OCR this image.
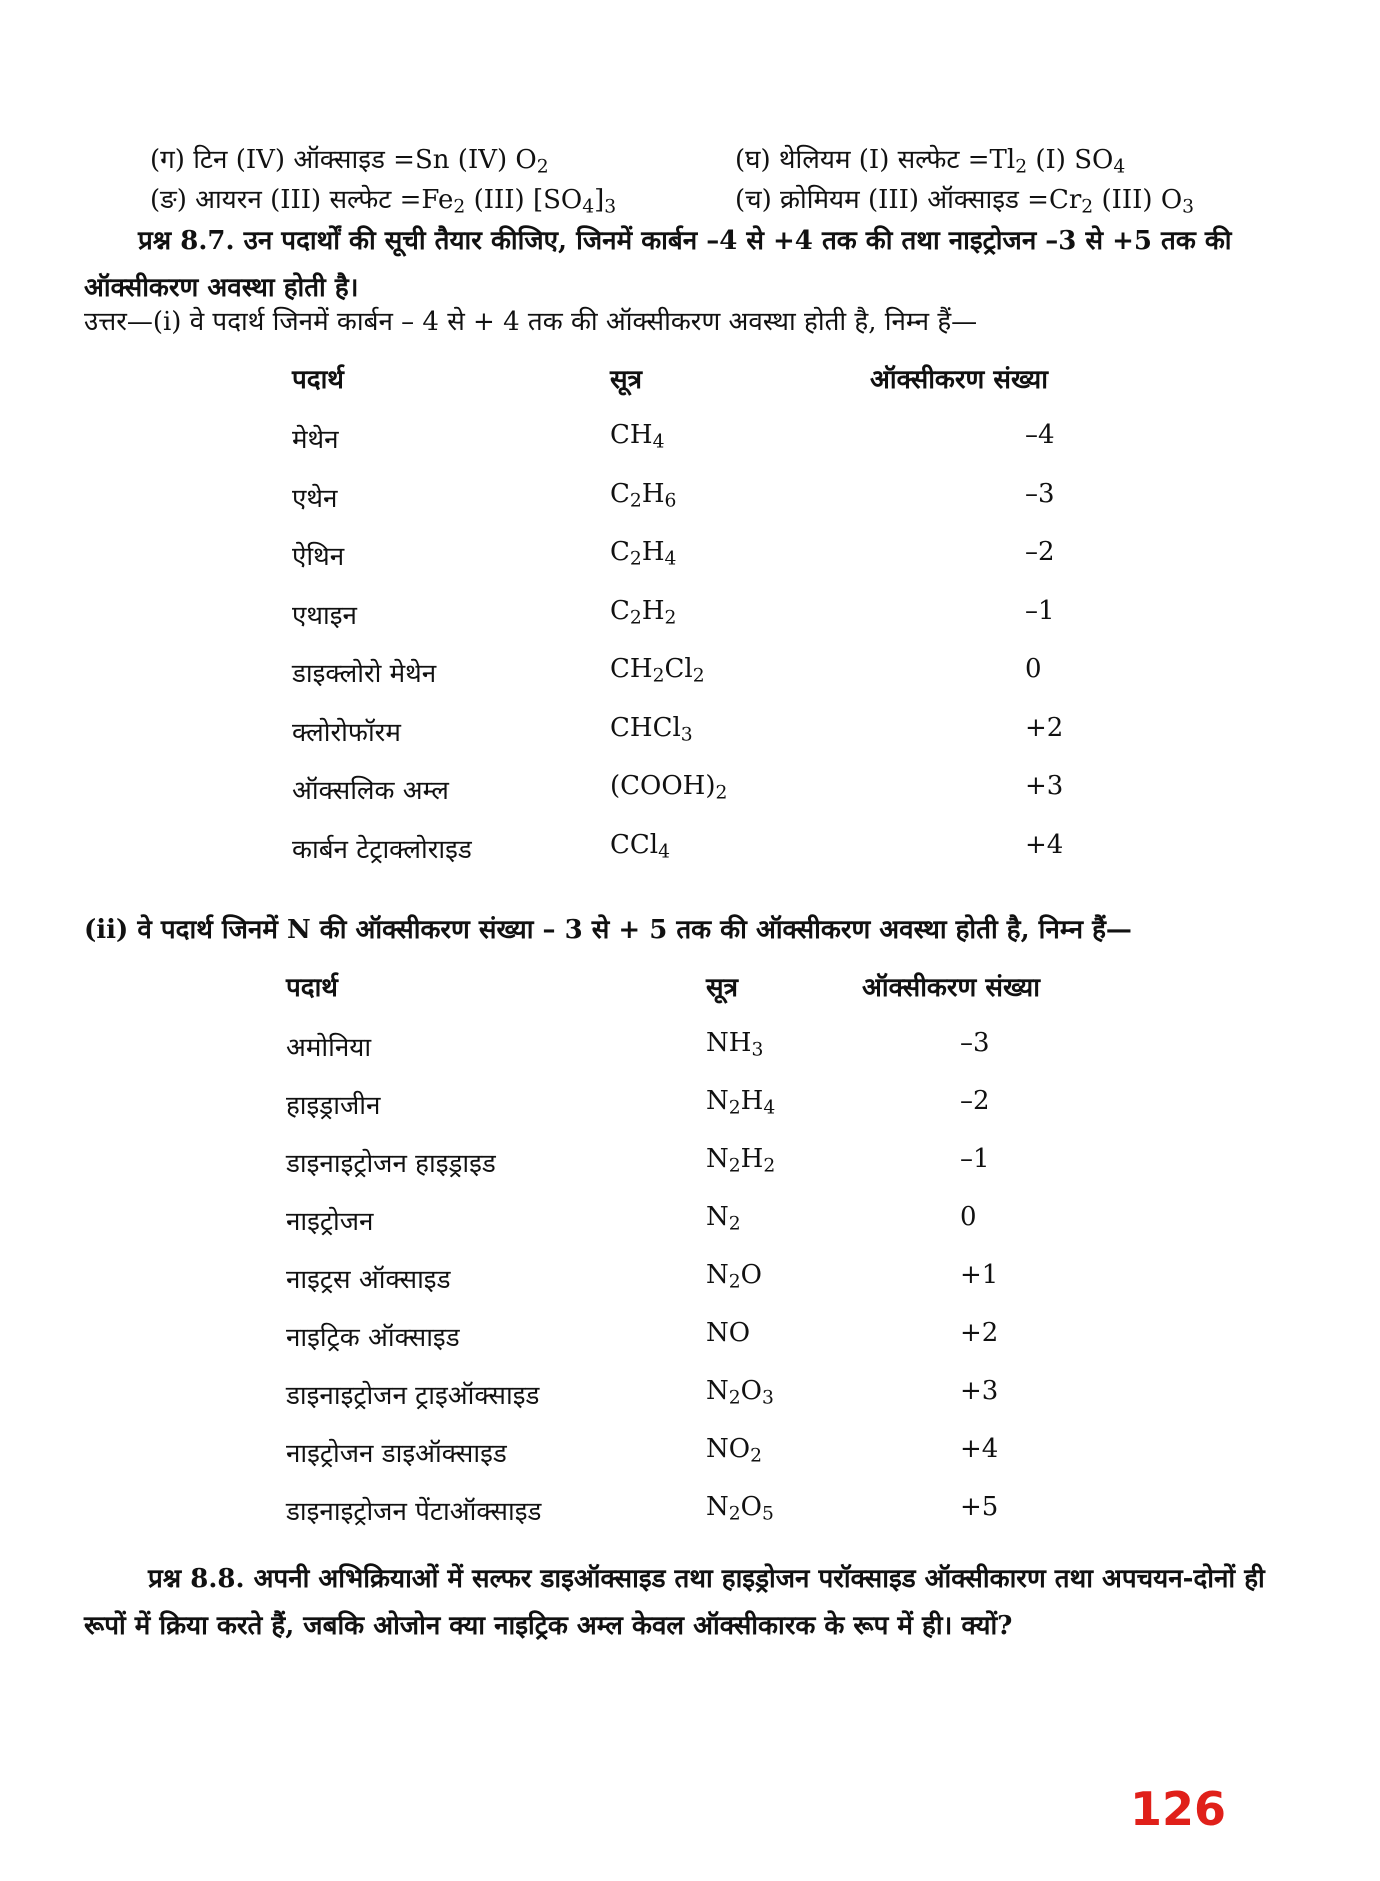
(ग) टिन (IV) ऑक्साइड =Sn (IV) $O_2$	(घ) थेलियम (I) सल्फेट $=Tl_2$ (I) $SO_4$
(ङ) आयरन (III) सल्फेट $=Fe_2$ (III) $[SO_4]_3$	(च) क्रोमियम (III) ऑक्साइड $=Cr_2$ (III) $O_3$
प्रश्न 8.7. उन पदार्थों की सूची तैयार कीजिए, जिनमें कार्बन –4 से +4 तक की तथा नाइट्रोजन –3 से +5 तक की ऑक्सीकरण अवस्था होती है।
उत्तर—(i) वे पदार्थ जिनमें कार्बन – 4 से + 4 तक की ऑक्सीकरण अवस्था होती है, निम्न हैं—
पदार्थ	सूत्र	ऑक्सीकरण संख्या
मेथेन	$CH_4$	–4
एथेन	$C_2H_6$	–3
ऐथिन	$C_2H_4$	–2
एथाइन	$C_2H_2$	–1
डाइक्लोरो मेथेन	$CH_2Cl_2$	0
क्लोरोफॉरम	CHCl$_3$	+2
ऑक्सलिक अम्ल	$(COOH)_2$	+3
कार्बन टेट्राक्लोराइड	CCl$_4$	+4
(ii) वे पदार्थ जिनमें N की ऑक्सीकरण संख्या – 3 से + 5 तक की ऑक्सीकरण अवस्था होती है, निम्न हैं—
पदार्थ	सूत्र	ऑक्सीकरण संख्या
अमोनिया	$NH_3$	–3
हाइड्राजीन	$N_2H_4$	–2
डाइनाइट्रोजन हाइड्राइड	$N_2H_2$	–1
नाइट्रोजन	$N_2$	0
नाइट्रस ऑक्साइड	$N_2O$	+1
नाइट्रिक ऑक्साइड	NO	+2
डाइनाइट्रोजन ट्राइऑक्साइड	$N_2O_3$	+3
नाइट्रोजन डाइऑक्साइड	$NO_2$	+4
डाइनाइट्रोजन पेंटाऑक्साइड	$N_2O_5$	+5
प्रश्न 8.8. अपनी अभिक्रियाओं में सल्फर डाइऑक्साइड तथा हाइड्रोजन परॉक्साइड ऑक्सीकारण तथा अपचयन-दोनों ही रूपों में क्रिया करते हैं, जबकि ओजोन क्या नाइट्रिक अम्ल केवल ऑक्सीकारक के रूप में ही। क्यों?
126
